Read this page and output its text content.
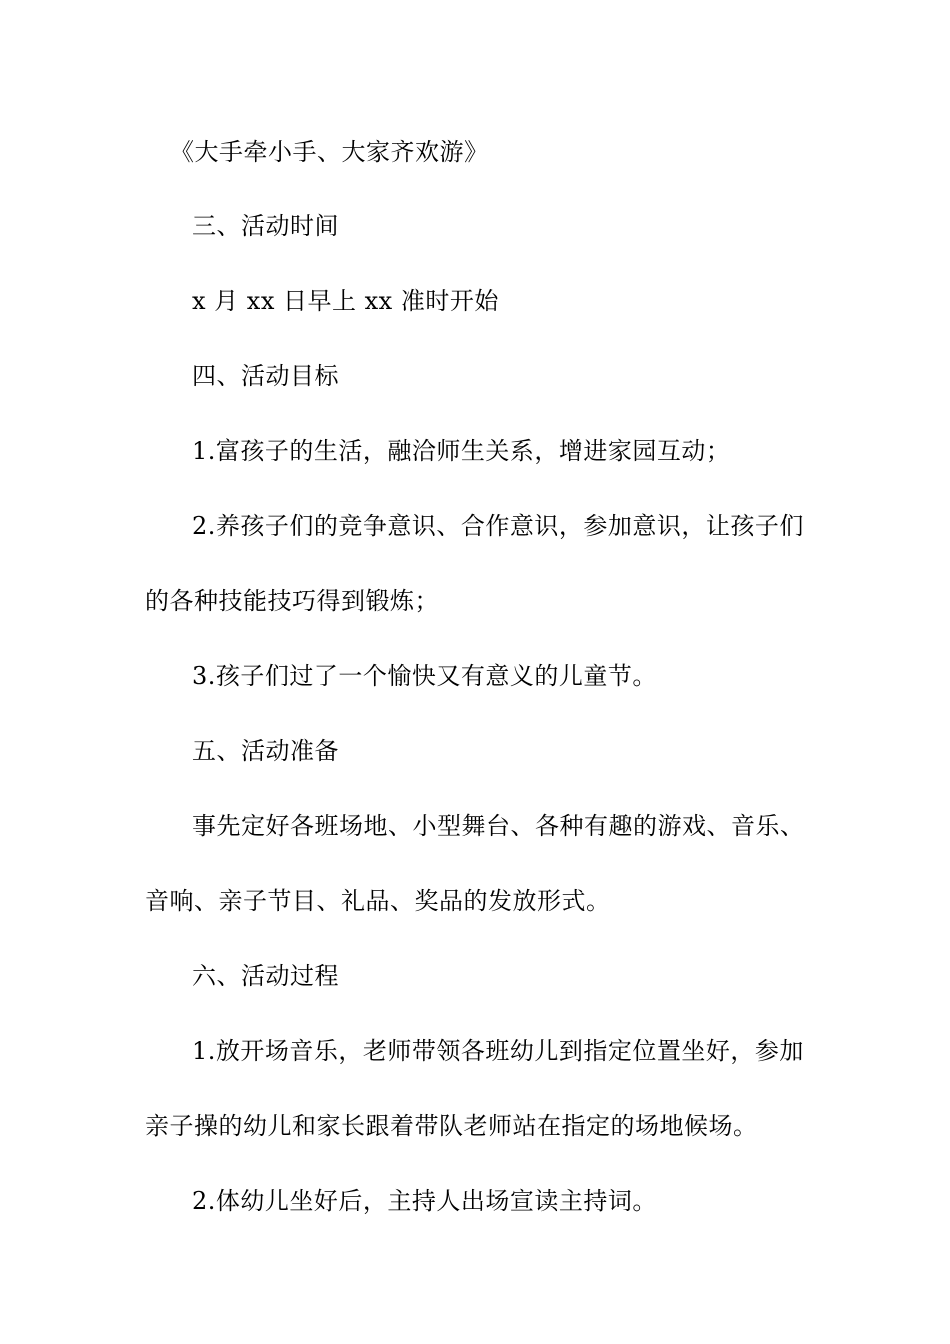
《大手牵小手、大家齐欢游》
三、活动时间
x 月 xx 日早上 xx 准时开始
四、活动目标
1.富孩子的生活，融洽师生关系，增进家园互动；
2.养孩子们的竞争意识、合作意识，参加意识，让孩子们
的各种技能技巧得到锻炼；
3.孩子们过了一个愉快又有意义的儿童节。
五、活动准备
事先定好各班场地、小型舞台、各种有趣的游戏、音乐、
音响、亲子节目、礼品、奖品的发放形式。
六、活动过程
1.放开场音乐，老师带领各班幼儿到指定位置坐好，参加
亲子操的幼儿和家长跟着带队老师站在指定的场地候场。
2.体幼儿坐好后，主持人出场宣读主持词。
